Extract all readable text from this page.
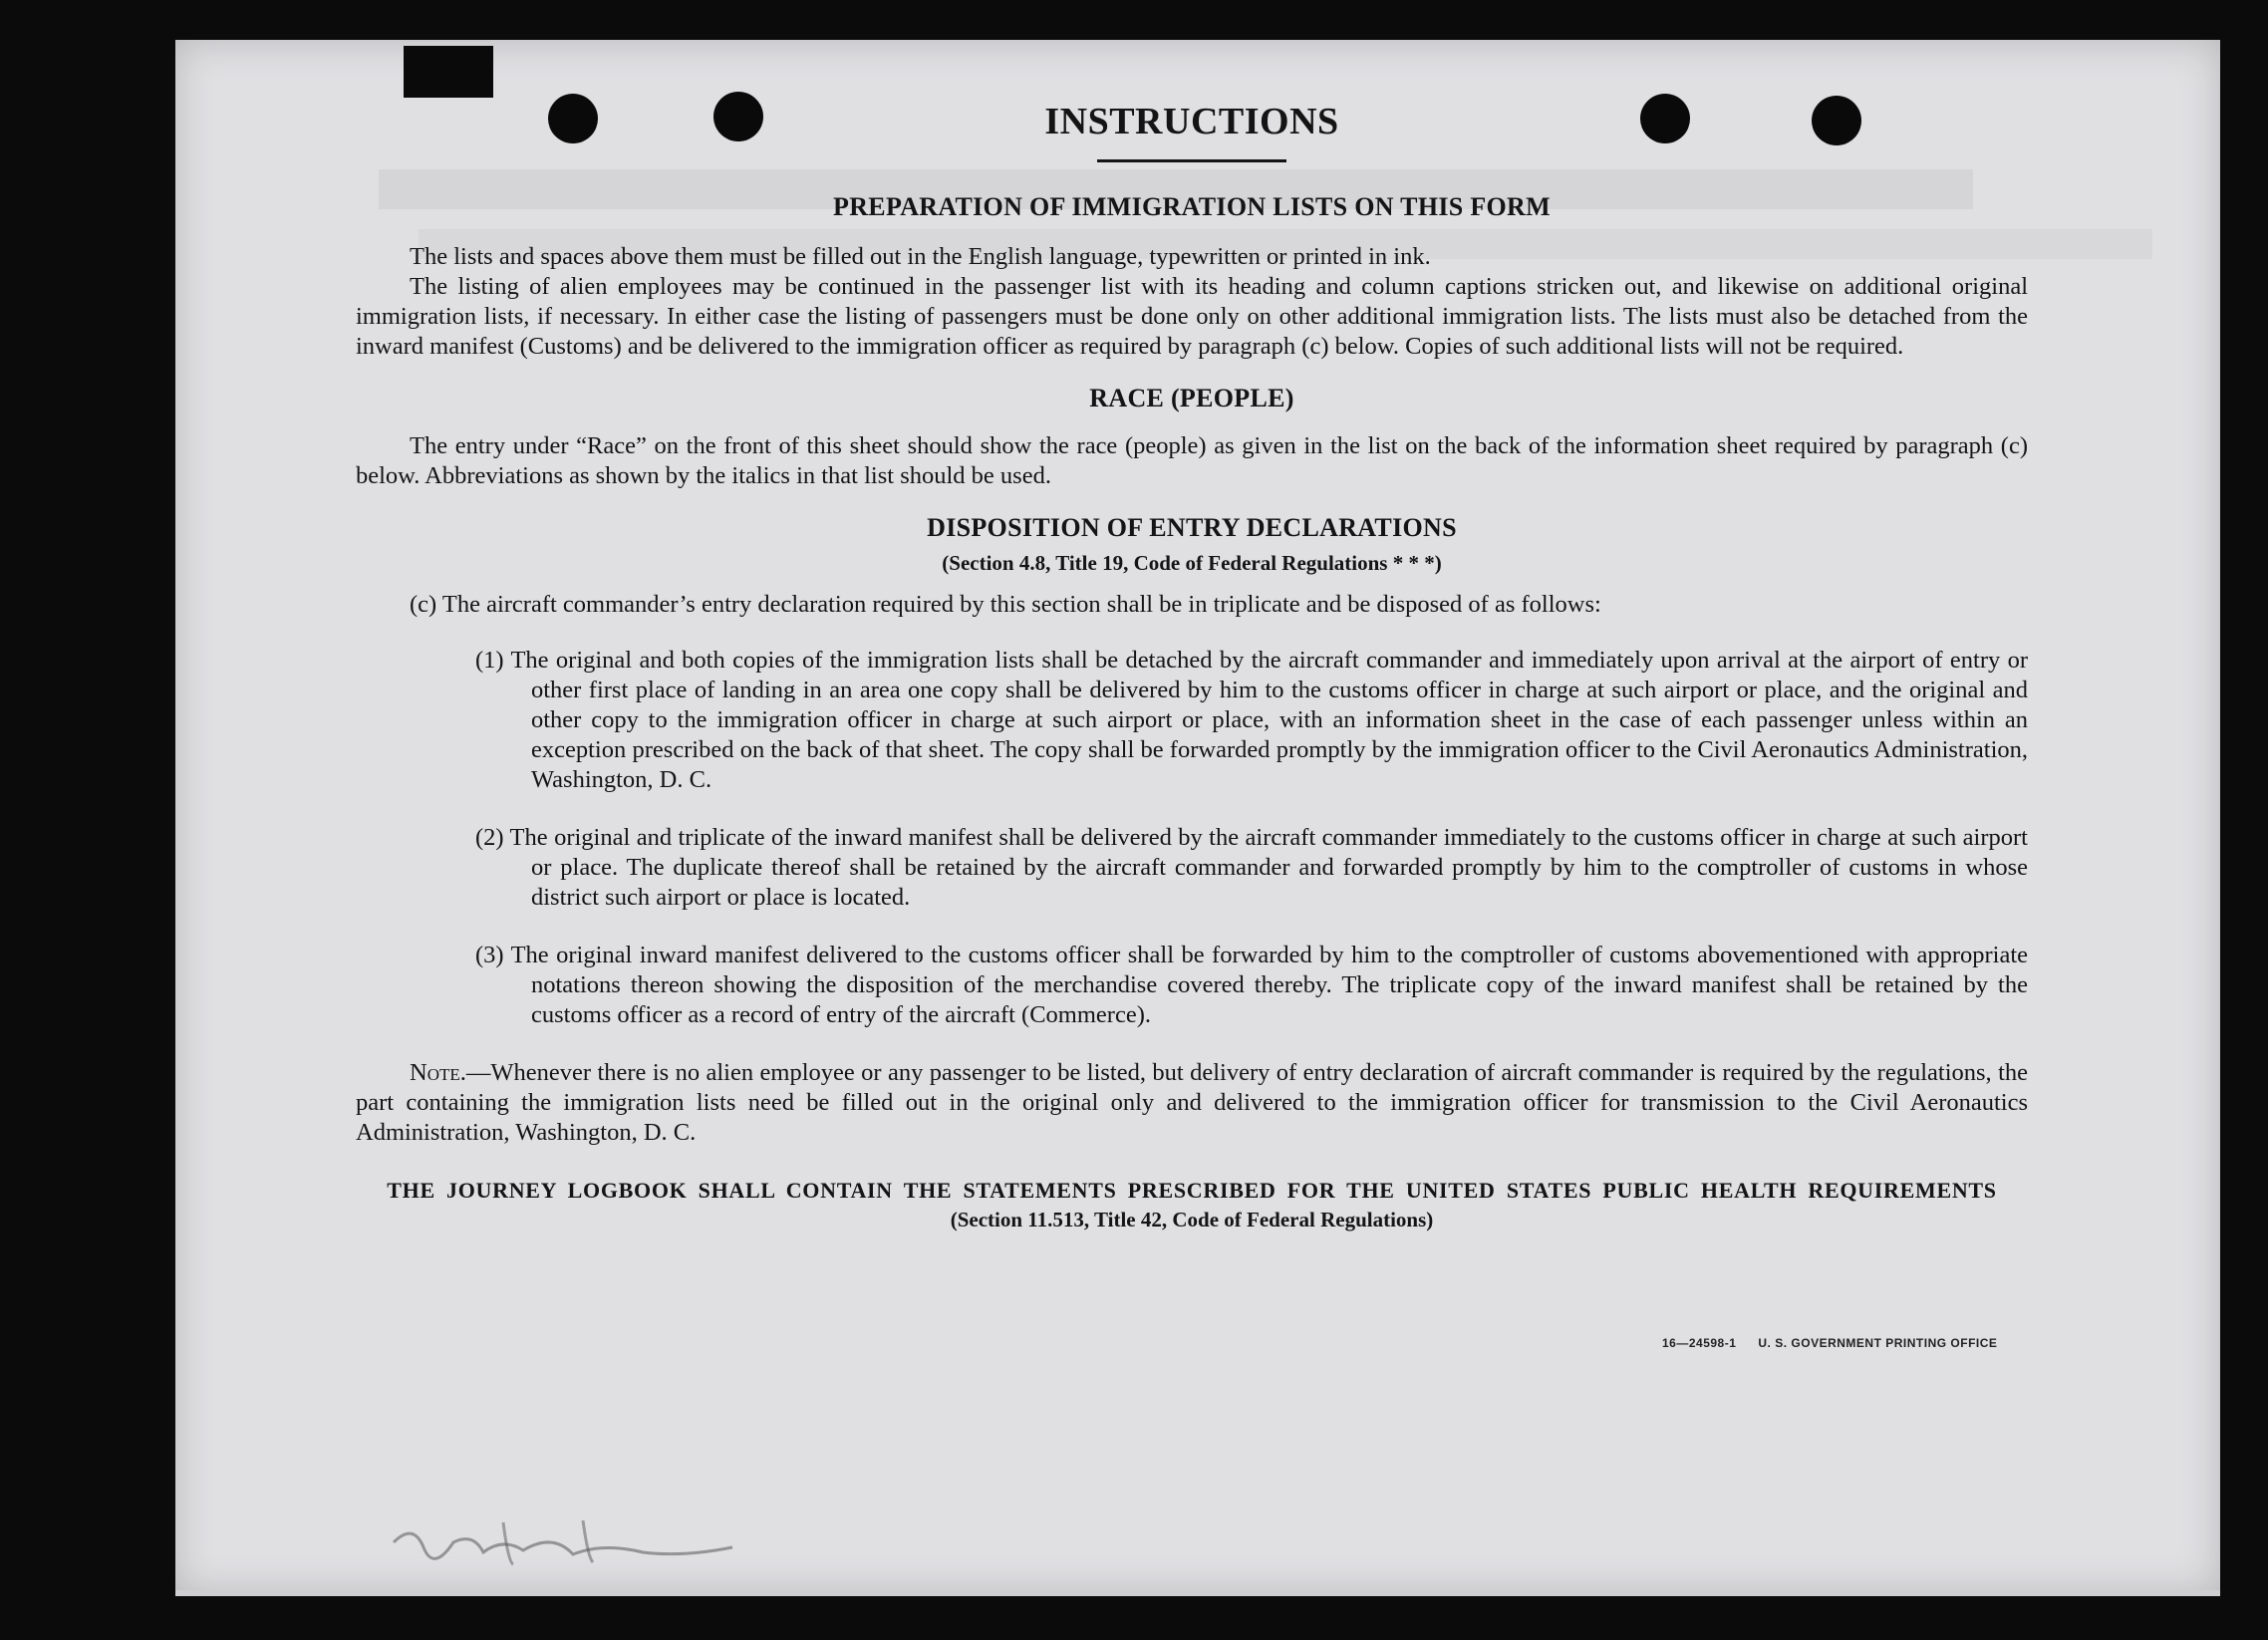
INSTRUCTIONS
PREPARATION OF IMMIGRATION LISTS ON THIS FORM

The lists and spaces above them must be filled out in the English language, typewritten or printed in ink.

The listing of alien employees may be continued in the passenger list with its heading and column captions stricken out, and likewise on additional original immigration lists, if necessary. In either case the listing of passengers must be done only on other additional immigration lists. The lists must also be detached from the inward manifest (Customs) and be delivered to the immigration officer as required by paragraph (c) below. Copies of such additional lists will not be required.

RACE (PEOPLE)

The entry under “Race” on the front of this sheet should show the race (people) as given in the list on the back of the information sheet required by paragraph (c) below. Abbreviations as shown by the italics in that list should be used.

DISPOSITION OF ENTRY DECLARATIONS
(Section 4.8, Title 19, Code of Federal Regulations * * *)

(c) The aircraft commander’s entry declaration required by this section shall be in triplicate and be disposed of as follows:

(1) The original and both copies of the immigration lists shall be detached by the aircraft commander and immediately upon arrival at the airport of entry or other first place of landing in an area one copy shall be delivered by him to the customs officer in charge at such airport or place, and the original and other copy to the immigration officer in charge at such airport or place, with an information sheet in the case of each passenger unless within an exception prescribed on the back of that sheet. The copy shall be forwarded promptly by the immigration officer to the Civil Aeronautics Administration, Washington, D. C.

(2) The original and triplicate of the inward manifest shall be delivered by the aircraft commander immediately to the customs officer in charge at such airport or place. The duplicate thereof shall be retained by the aircraft commander and forwarded promptly by him to the comptroller of customs in whose district such airport or place is located.

(3) The original inward manifest delivered to the customs officer shall be forwarded by him to the comptroller of customs abovementioned with appropriate notations thereon showing the disposition of the merchandise covered thereby. The triplicate copy of the inward manifest shall be retained by the customs officer as a record of entry of the aircraft (Commerce).

Note.—Whenever there is no alien employee or any passenger to be listed, but delivery of entry declaration of aircraft commander is required by the regulations, the part containing the immigration lists need be filled out in the original only and delivered to the immigration officer for transmission to the Civil Aeronautics Administration, Washington, D. C.

THE JOURNEY LOGBOOK SHALL CONTAIN THE STATEMENTS PRESCRIBED FOR THE UNITED STATES PUBLIC HEALTH REQUIREMENTS
(Section 11.513, Title 42, Code of Federal Regulations)
16—24598-1 U. S. GOVERNMENT PRINTING OFFICE
